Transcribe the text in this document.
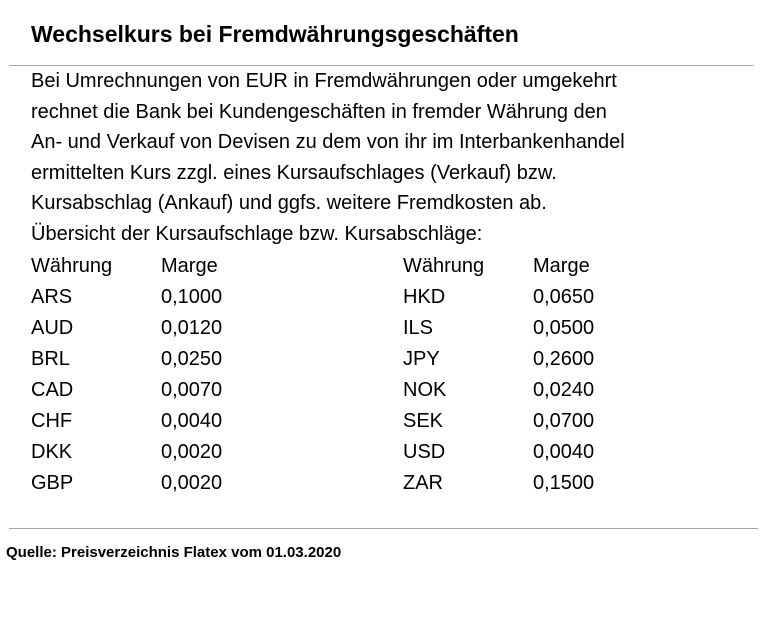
Wechselkurs bei Fremdwährungsgeschäften
Bei Umrechnungen von EUR in Fremdwährungen oder umgekehrt
rechnet die Bank bei Kundengeschäften in fremder Währung den
An- und Verkauf von Devisen zu dem von ihr im Interbankenhandel
ermittelten Kurs zzgl. eines Kursaufschlages (Verkauf) bzw.
Kursabschlag (Ankauf) und ggfs. weitere Fremdkosten ab.
Übersicht der Kursaufschlage bzw. Kursabschläge:
Währung Marge	Währung Marge
ARS	0,1000	HKD	0,0650
AUD	0,0120	ILS	0,0500
BRL	0,0250	JPY	0,2600
CAD	0,0070	NOK	0,0240
CHF	0,0040	SEK	0,0700
DKK	0,0020	USD	0,0040
GBP	0,0020	ZAR	0,1500
Quelle: Preisverzeichnis Flatex vom 01.03.2020
